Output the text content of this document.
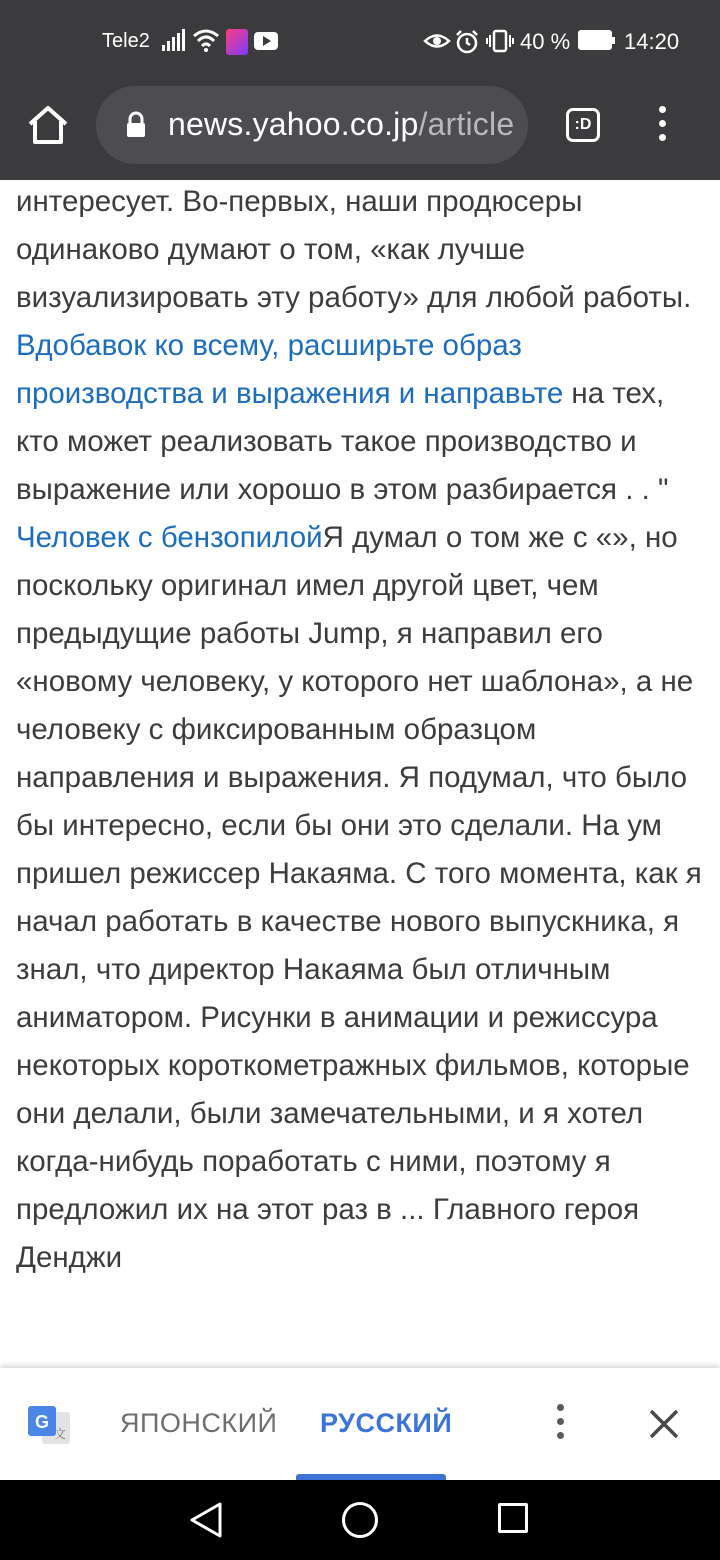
Tele2	40 % 14:20
news.yahoo.co.jp/article	:D
интересует. Во-первых, наши продюсеры одинаково думают о том, «как лучше визуализировать эту работу» для любой работы. Вдобавок ко всему, расширьте образ производства и выражения и направьте на тех, кто может реализовать такое производство и выражение или хорошо в этом разбирается . . " Человек с бензопилойЯ думал о том же с «», но поскольку оригинал имел другой цвет, чем предыдущие работы Jump, я направил его «новому человеку, у которого нет шаблона», а не человеку с фиксированным образцом направления и выражения. Я подумал, что было бы интересно, если бы они это сделали. На ум пришел режиссер Накаяма. С того момента, как я начал работать в качестве нового выпускника, я знал, что директор Накаяма был отличным аниматором. Рисунки в анимации и режиссура некоторых короткометражных фильмов, которые они делали, были замечательными, и я хотел когда-нибудь поработать с ними, поэтому я предложил их на этот раз в ... Главного героя Денджи
G
文 ЯПОНСКИЙ РУССКИЙ
